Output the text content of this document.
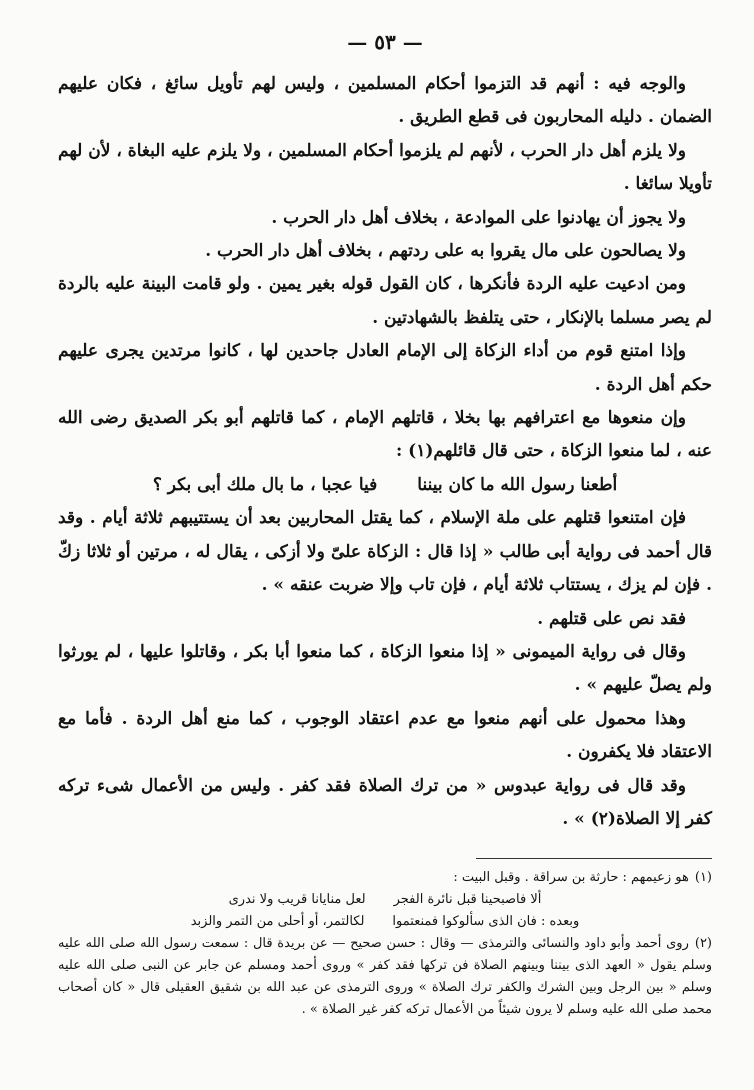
— ٥٣ —

والوجه فيه : أنهم قد التزموا أحكام المسلمين ، وليس لهم تأويل سائغ ، فكان عليهم الضمان . دليله المحاربون فى قطع الطريق .

ولا يلزم أهل دار الحرب ، لأنهم لم يلزموا أحكام المسلمين ، ولا يلزم عليه البغاة ، لأن لهم تأويلا سائغا .

ولا يجوز أن يهادنوا على الموادعة ، بخلاف أهل دار الحرب .

ولا يصالحون على مال يقروا به على ردتهم ، بخلاف أهل دار الحرب .

ومن ادعيت عليه الردة فأنكرها ، كان القول قوله بغير يمين . ولو قامت البينة عليه بالردة لم يصر مسلما بالإنكار ، حتى يتلفظ بالشهادتين .

وإذا امتنع قوم من أداء الزكاة إلى الإمام العادل جاحدين لها ، كانوا مرتدين يجرى عليهم حكم أهل الردة .

وإن منعوها مع اعترافهم بها بخلا ، قاتلهم الإمام ، كما قاتلهم أبو بكر الصديق رضى الله عنه ، لما منعوا الزكاة ، حتى قال قائلهم(١) :

أطعنا رسول الله ما كان بيننا
فيا عجبا ، ما بال ملك أبى بكر ؟

فإن امتنعوا قتلهم على ملة الإسلام ، كما يقتل المحاربين بعد أن يستتيبهم ثلاثة أيام . وقد قال أحمد فى رواية أبى طالب « إذا قال : الزكاة علىّ ولا أزكى ، يقال له ، مرتين أو ثلاثا زكّ . فإن لم يزك ، يستتاب ثلاثة أيام ، فإن تاب وإلا ضربت عنقه » .

فقد نص على قتلهم .

وقال فى رواية الميمونى « إذا منعوا الزكاة ، كما منعوا أبا بكر ، وقاتلوا عليها ، لم يورثوا ولم يصلّ عليهم » .

وهذا محمول على أنهم منعوا مع عدم اعتقاد الوجوب ، كما منع أهل الردة . فأما مع الاعتقاد فلا يكفرون .

وقد قال فى رواية عبدوس « من ترك الصلاة فقد كفر . وليس من الأعمال شىء تركه كفر إلا الصلاة(٢) » .

(١)هو زعيمهم : حارثة بن سراقة . وقبل البيت :

ألا فاصبحينا قبل نائرة الفجر
لعل منايانا قريب ولا ندرى
وبعده : فان الذى سألوكوا فمنعتموا
لكالتمر، أو أحلى من التمر والزبد

(٢)روى أحمد وأبو داود والنسائى والترمذى — وقال : حسن صحيح — عن بريدة قال : سمعت رسول الله صلى الله عليه وسلم يقول « العهد الذى بيننا وبينهم الصلاة فن تركها فقد كفر » وروى أحمد ومسلم عن جابر عن النبى صلى الله عليه وسلم « بين الرجل وبين الشرك والكفر ترك الصلاة » وروى الترمذى عن عبد الله بن شقيق العقيلى قال « كان أصحاب محمد صلى الله عليه وسلم لا يرون شيئاً من الأعمال تركه كفر غير الصلاة » .
